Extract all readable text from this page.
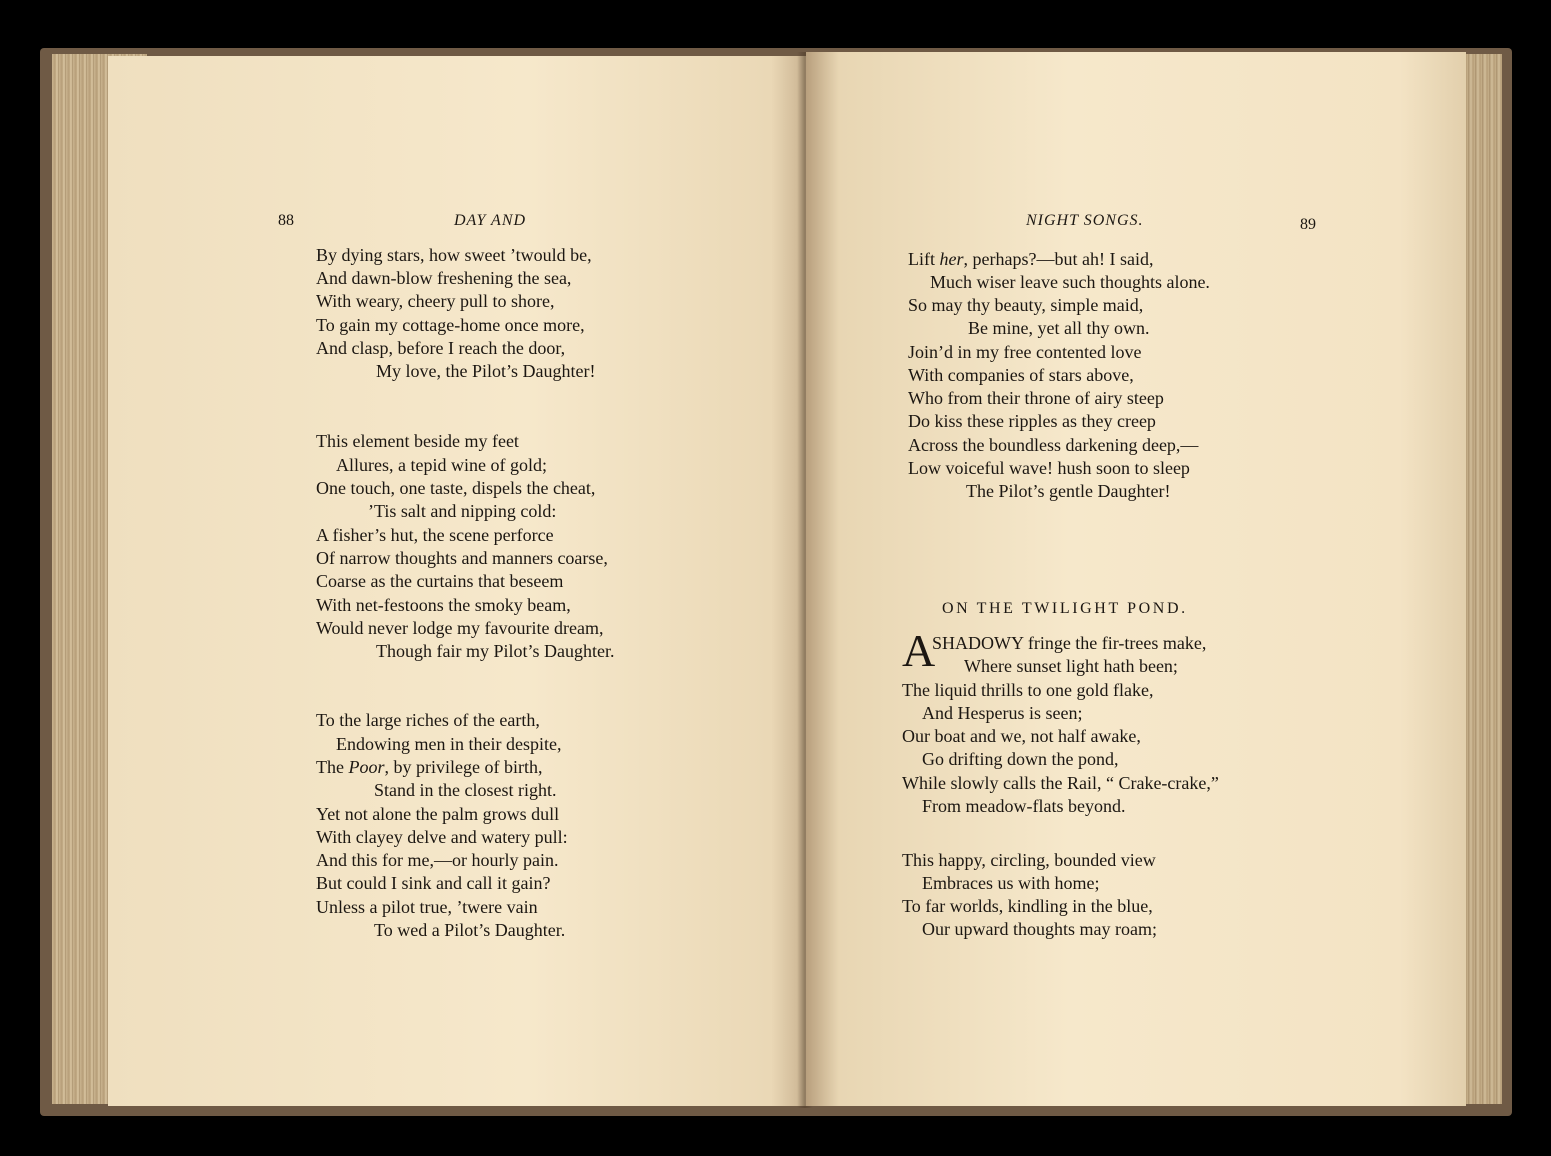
88	DAY AND
By dying stars, how sweet ’twould be,
And dawn-blow freshening the sea,
With weary, cheery pull to shore,
To gain my cottage-home once more,
And clasp, before I reach the door,
My love, the Pilot’s Daughter!
This element beside my feet
Allures, a tepid wine of gold;
One touch, one taste, dispels the cheat,
’Tis salt and nipping cold:
A fisher’s hut, the scene perforce
Of narrow thoughts and manners coarse,
Coarse as the curtains that beseem
With net-festoons the smoky beam,
Would never lodge my favourite dream,
Though fair my Pilot’s Daughter.
To the large riches of the earth,
Endowing men in their despite,
The Poor, by privilege of birth,
Stand in the closest right.
Yet not alone the palm grows dull
With clayey delve and watery pull:
And this for me,—or hourly pain.
But could I sink and call it gain?
Unless a pilot true, ’twere vain
To wed a Pilot’s Daughter.
NIGHT SONGS.	89
Lift her, perhaps?—but ah! I said,
Much wiser leave such thoughts alone.
So may thy beauty, simple maid,
Be mine, yet all thy own.
Join’d in my free contented love
With companies of stars above,
Who from their throne of airy steep
Do kiss these ripples as they creep
Across the boundless darkening deep,—
Low voiceful wave! hush soon to sleep
The Pilot’s gentle Daughter!
ON THE TWILIGHT POND.
A
SHADOWY fringe the fir-trees make,
Where sunset light hath been;
The liquid thrills to one gold flake,
And Hesperus is seen;
Our boat and we, not half awake,
Go drifting down the pond,
While slowly calls the Rail, “ Crake-crake,”
From meadow-flats beyond.
This happy, circling, bounded view
Embraces us with home;
To far worlds, kindling in the blue,
Our upward thoughts may roam;
